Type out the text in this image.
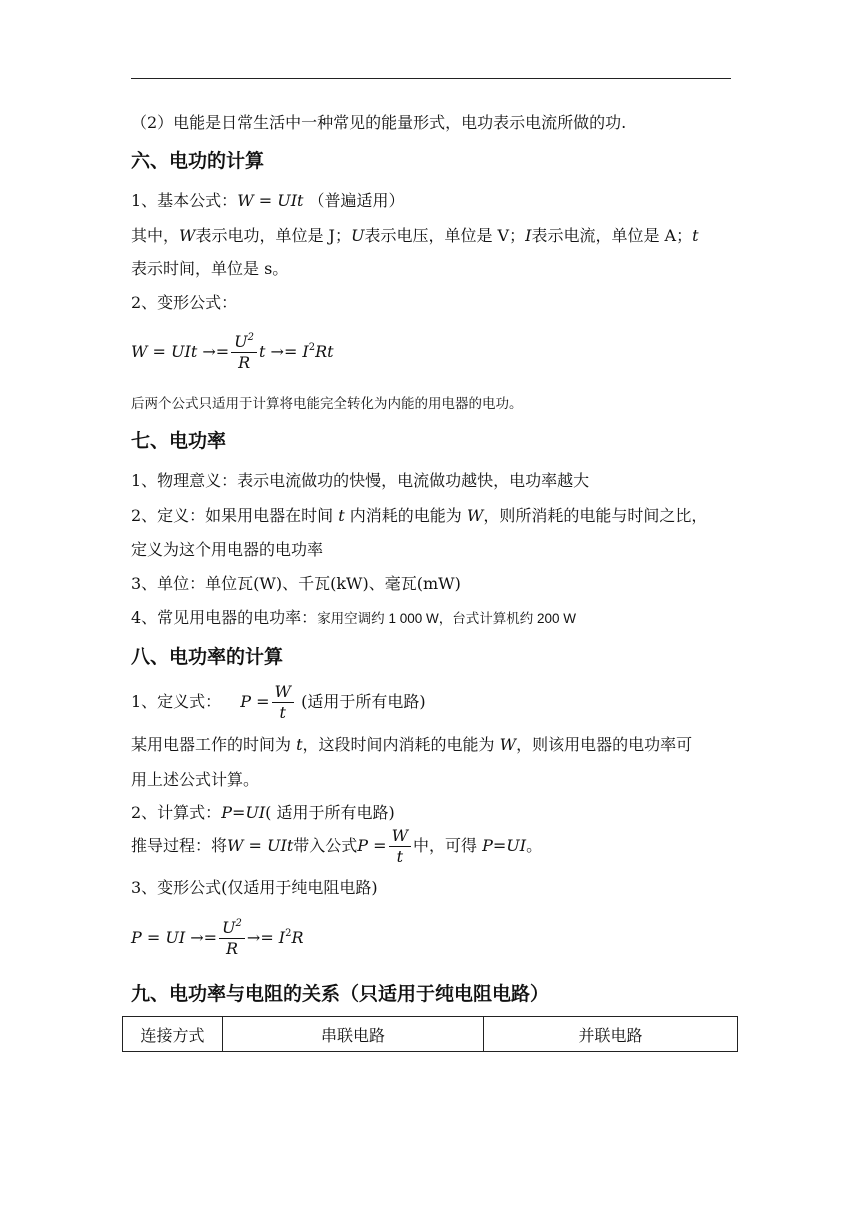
（2）电能是日常生活中一种常见的能量形式，电功表示电流所做的功.
六、电功的计算
1、基本公式：W = UIt （普遍适用）
其中，W表示电功，单位是 J；U表示电压，单位是 V；I表示电流，单位是 A；t
表示时间，单位是 s。
2、变形公式：
W = UIt →= $\frac{U^2}{R}$ $t \to= I^2Rt$
后两个公式只适用于计算将电能完全转化为内能的用电器的电功。
七、电功率
1、物理意义：表示电流做功的快慢，电流做功越快，电功率越大
2、定义：如果用电器在时间 t 内消耗的电能为 W，则所消耗的电能与时间之比，
定义为这个用电器的电功率
3、单位：单位瓦(W)、千瓦(kW)、毫瓦(mW)
4、常见用电器的电功率：家用空调约 1 000 W，台式计算机约 200 W
八、电功率的计算
1、定义式： $P = \frac{W}{t}$ (适用于所有电路)
某用电器工作的时间为 t，这段时间内消耗的电能为 W，则该用电器的电功率可
用上述公式计算。
2、计算式：P=UI( 适用于所有电路)
推导过程：将W = UIt带入公式$P = \frac{W}{t}$ 中，可得 P=UI。
3、变形公式(仅适用于纯电阻电路)
P = UI →= $\frac{U^2}{R} \to= I^2R$
九、电功率与电阻的关系（只适用于纯电阻电路）
连接方式	串联电路	并联电路
